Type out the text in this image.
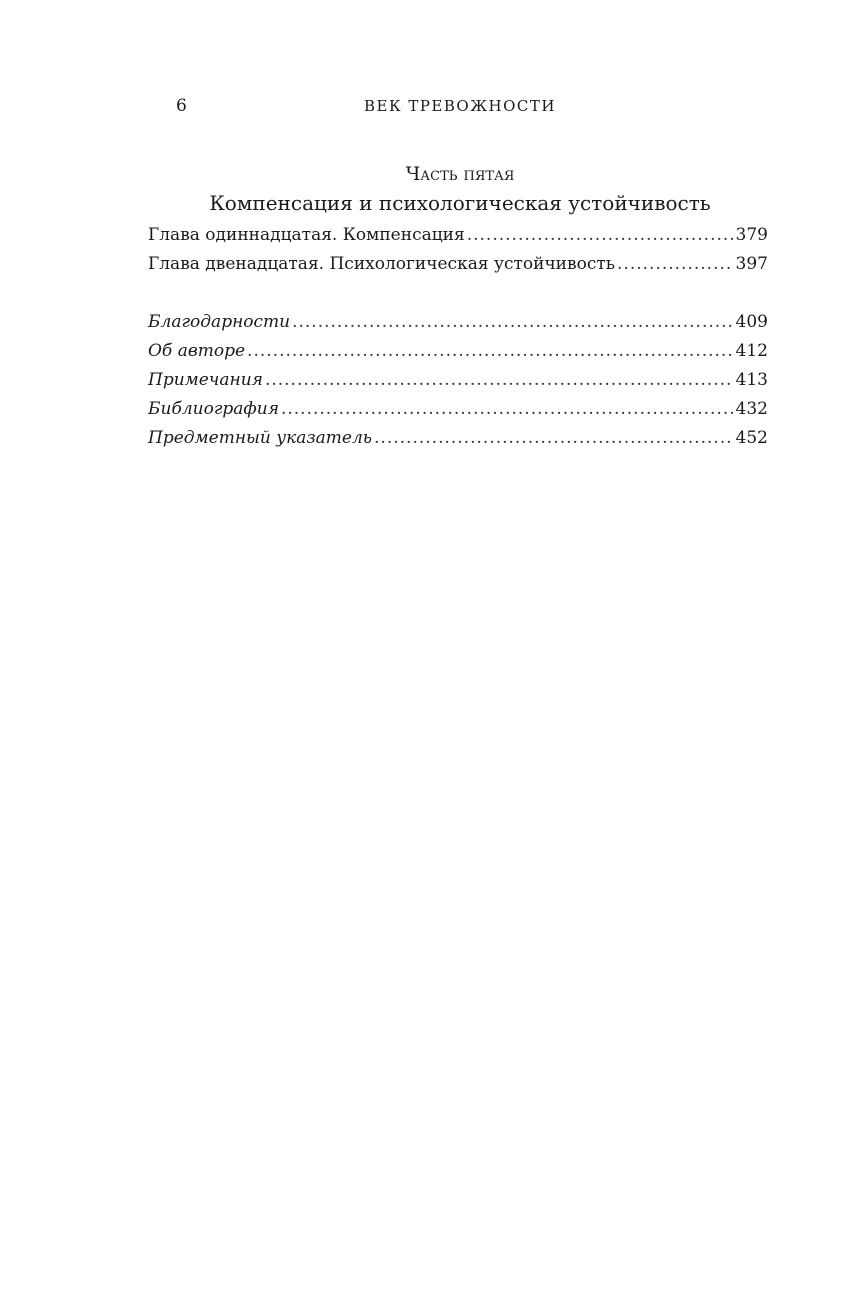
6	ВЕК ТРЕВОЖНОСТИ
Часть пятая
Компенсация и психологическая устойчивость
Глава одиннадцатая. Компенсация .....	379
Глава двенадцатая. Психологическая устойчивость .....	397
Благодарности .....	409
Об авторе .....	412
Примечания .....	413
Библиография .....	432
Предметный указатель .....	452
